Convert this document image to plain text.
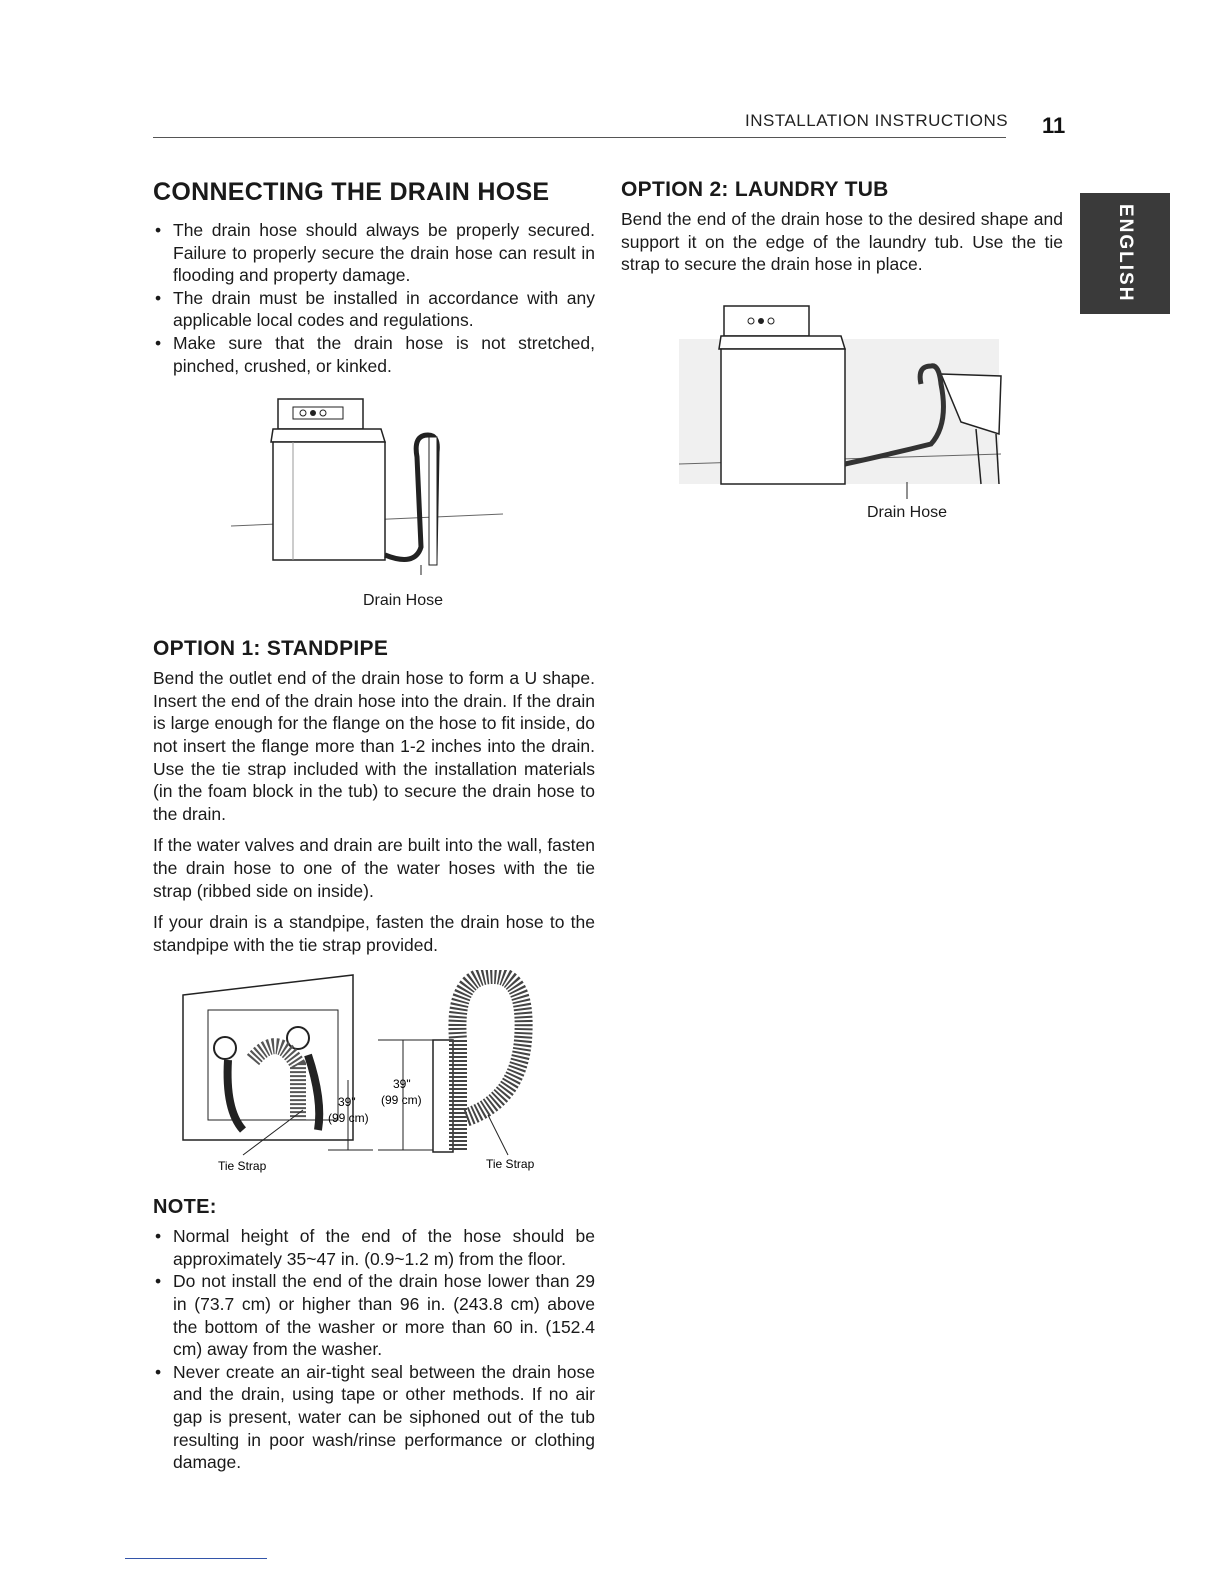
INSTALLATION INSTRUCTIONS 11
ENGLISH
CONNECTING THE DRAIN HOSE
• The drain hose should always be properly secured. Failure to properly secure the drain hose can result in flooding and property damage.
• The drain must be installed in accordance with any applicable local codes and regulations.
• Make sure that the drain hose is not stretched, pinched, crushed, or kinked.
Drain Hose
OPTION 1: STANDPIPE

Bend the outlet end of the drain hose to form a U shape. Insert the end of the drain hose into the drain. If the drain is large enough for the flange on the hose to fit inside, do not insert the flange more than 1-2 inches into the drain. Use the tie strap included with the installation materials (in the foam block in the tub) to secure the drain hose to the drain.

If the water valves and drain are built into the wall, fasten the drain hose to one of the water hoses with the tie strap (ribbed side on inside).

If your drain is a standpipe, fasten the drain hose to the standpipe with the tie strap provided.

39"
(99 cm)
39"
(99 cm)
Tie Strap	Tie Strap
NOTE:
• Normal height of the end of the hose should be approximately 35~47 in. (0.9~1.2 m) from the floor.
• Do not install the end of the drain hose lower than 29 in (73.7 cm) or higher than 96 in. (243.8 cm) above the bottom of the washer or more than 60 in. (152.4 cm) away from the washer.
• Never create an air-tight seal between the drain hose and the drain, using tape or other methods. If no air gap is present, water can be siphoned out of the tub resulting in poor wash/rinse performance or clothing damage.
OPTION 2: LAUNDRY TUB

Bend the end of the drain hose to the desired shape and support it on the edge of the laundry tub. Use the tie strap to secure the drain hose in place.

Drain Hose
